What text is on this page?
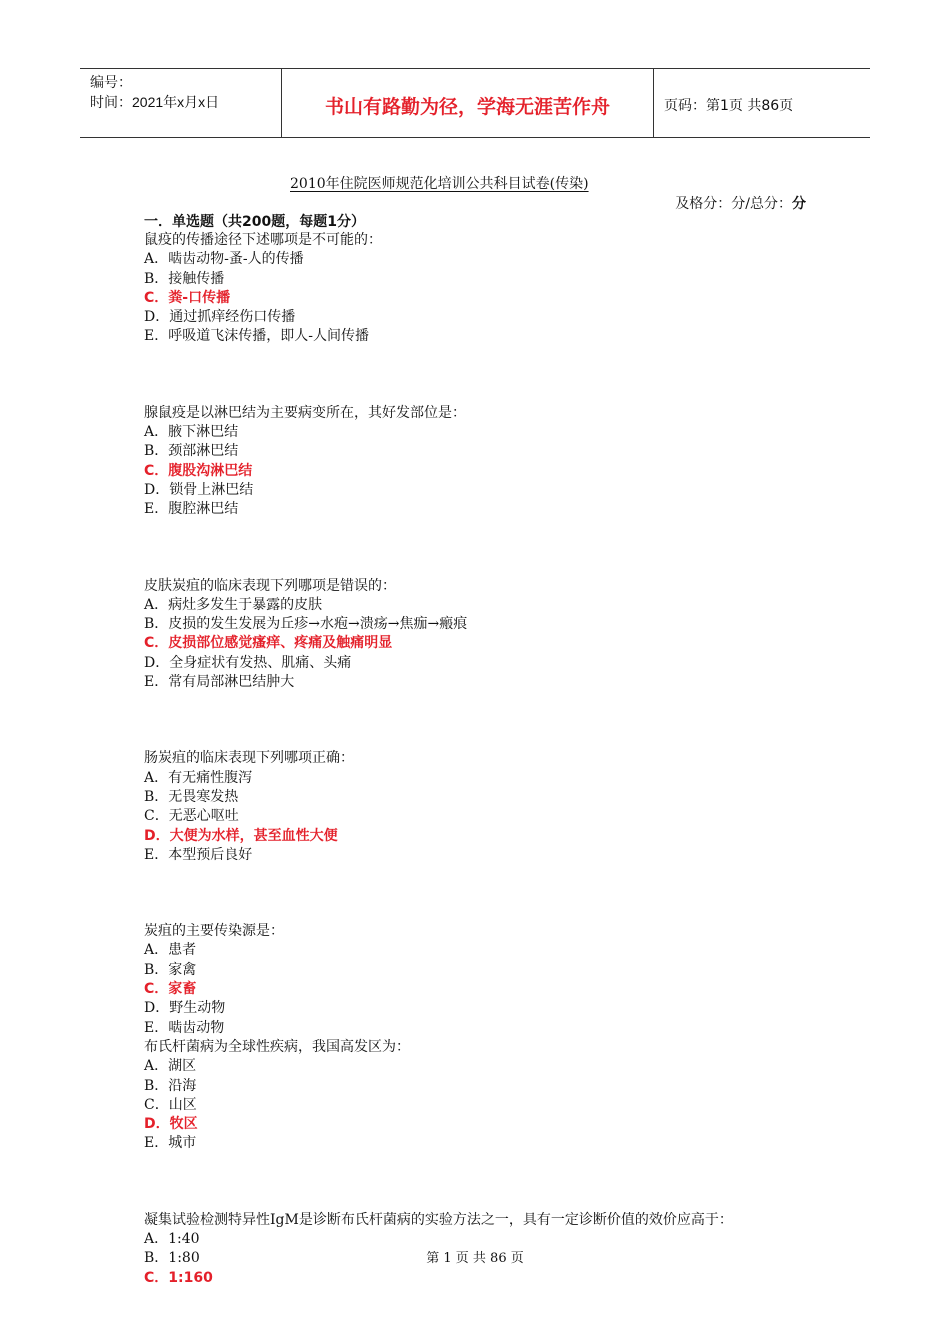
编号：
时间：2021年x月x日	书山有路勤为径，学海无涯苦作舟	页码：第1页 共86页
2010年住院医师规范化培训公共科目试卷(传染)
及格分：分/总分：分
一．单选题（共200题，每题1分）
鼠疫的传播途径下述哪项是不可能的：
A．啮齿动物-蚤-人的传播
B．接触传播
C．粪-口传播
D．通过抓痒经伤口传播
E．呼吸道飞沫传播，即人-人间传播
腺鼠疫是以淋巴结为主要病变所在，其好发部位是：
A．腋下淋巴结
B．颈部淋巴结
C．腹股沟淋巴结
D．锁骨上淋巴结
E．腹腔淋巴结
皮肤炭疽的临床表现下列哪项是错误的：
A．病灶多发生于暴露的皮肤
B．皮损的发生发展为丘疹→水疱→溃疡→焦痂→瘢痕
C．皮损部位感觉瘙痒、疼痛及触痛明显
D．全身症状有发热、肌痛、头痛
E．常有局部淋巴结肿大
肠炭疽的临床表现下列哪项正确：
A．有无痛性腹泻
B．无畏寒发热
C．无恶心呕吐
D．大便为水样，甚至血性大便
E．本型预后良好
炭疽的主要传染源是：
A．患者
B．家禽
C．家畜
D．野生动物
E．啮齿动物
布氏杆菌病为全球性疾病，我国高发区为：
A．湖区
B．沿海
C．山区
D．牧区
E．城市
凝集试验检测特异性IgM是诊断布氏杆菌病的实验方法之一，具有一定诊断价值的效价应高于：
A．1:40
B．1:80
C．1:160
第 1 页 共 86 页
